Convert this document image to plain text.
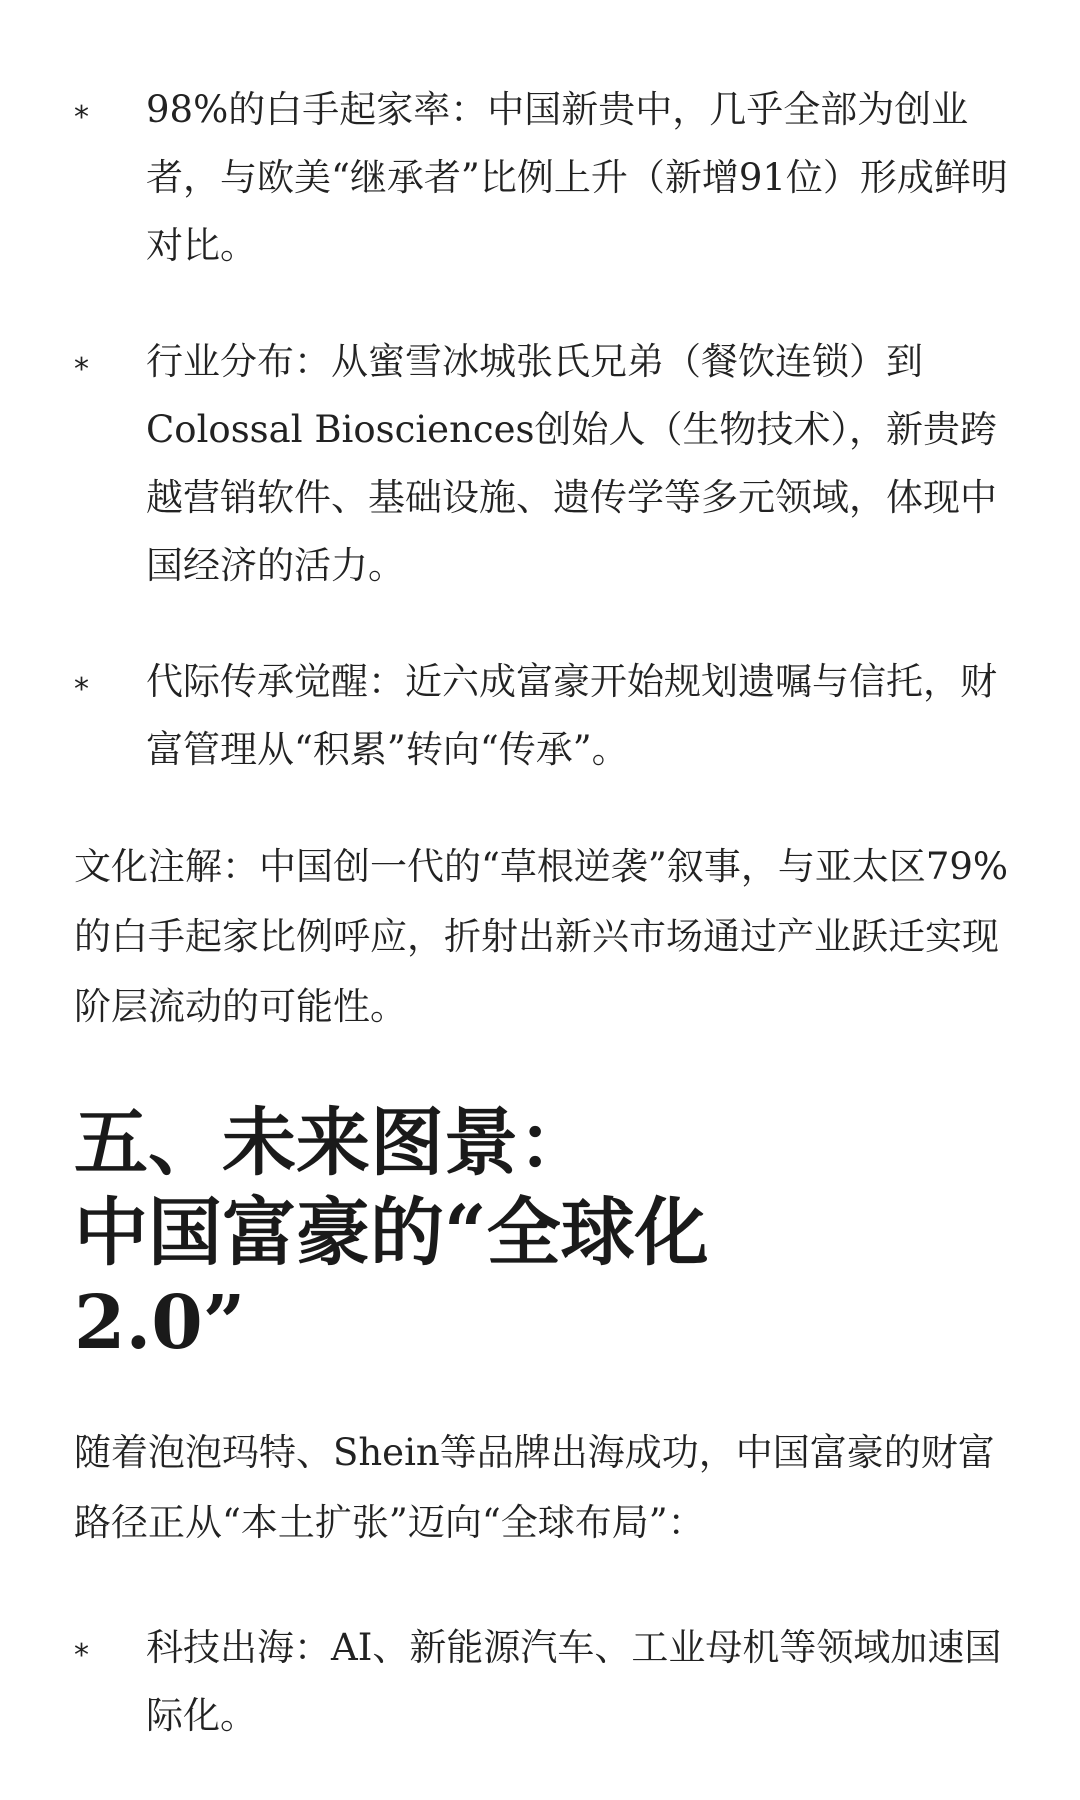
* 98%的白手起家率：中国新贵中，几乎全部为创业者，与欧美“继承者”比例上升（新增91位）形成鲜明对比。
* 行业分布：从蜜雪冰城张氏兄弟（餐饮连锁）到Colossal Biosciences创始人（生物技术），新贵跨越营销软件、基础设施、遗传学等多元领域，体现中国经济的活力。
* 代际传承觉醒：近六成富豪开始规划遗嘱与信托，财富管理从“积累”转向“传承”。

文化注解：中国创一代的“草根逆袭”叙事，与亚太区79%的白手起家比例呼应，折射出新兴市场通过产业跃迁实现阶层流动的可能性。

五、未来图景：
中国富豪的“全球化
2.0”

随着泡泡玛特、Shein等品牌出海成功，中国富豪的财富路径正从“本土扩张”迈向“全球布局”：

* 科技出海：AI、新能源汽车、工业母机等领域加速国际化。
